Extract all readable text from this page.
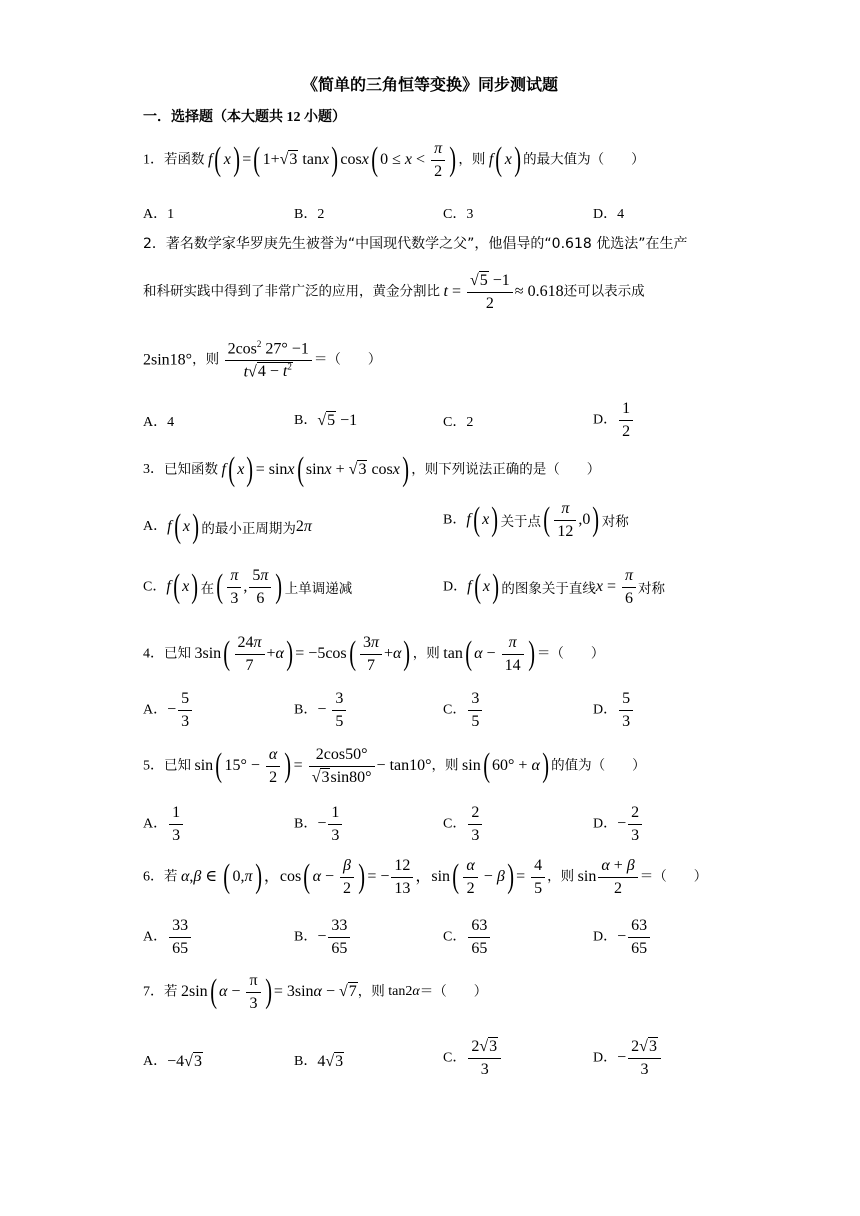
《简单的三角恒等变换》同步测试题
一．选择题（本大题共 12 小题）
1．若函数 f( x) =( 1+√3 tanx) cosx( $0 \le x < \frac{\pi}{2}$ ) ，则 f( x) 的最大值为（　　）
A．1	B．2	C．3	D．4
2．著名数学家华罗庚先生被誉为“中国现代数学之父”，他倡导的“0.618 优选法”在生产
和科研实践中得到了非常广泛的应用，黄金分割比 $t = \frac{√5 -1}{2} \approx 0.618$还可以表示成
2sin18°，则 $\frac{2\cos^2 27^\circ -1}{t√4 - t^2}$ ＝（　　）
A．4	B．√5 −1	C．2	D． $\frac{1}{2}$
3．已知函数 f( x) = sinx( sinx + √3 cosx) ，则下列说法正确的是（　　）
A．f( x) 的最小正周期为2π	B．f( x) 关于点( $\frac{\pi}{12} ,0$) 对称
C．f( x) 在( $\frac{\pi}{3}$ , $\frac{5\pi}{6}$ ) 上单调递减	D．f( x) 的图象关于直线$x = \frac{\pi}{6}$ 对称
4．已知 $3\sin( \frac{24\pi}{7} +\alpha) = -5\cos( \frac{3\pi}{7} +\alpha)$ ，则 tan( $\alpha - \frac{\pi}{14}$ ) ＝（　　）
A．− $\frac{5}{3}$	B．− $\frac{3}{5}$	C． $\frac{3}{5}$	D． $\frac{5}{3}$
5．已知 sin( $15^\circ - \frac{\alpha}{2}$ ) = $\frac{2\cos 50^\circ}{√3\sin 80^\circ} - \tan 10^\circ$，则 sin( 60° + α) 的值为（　　）
A． $\frac{1}{3}$	B．− $\frac{1}{3}$	C． $\frac{2}{3}$	D．− $\frac{2}{3}$
6．若 α,β ∈ ( 0,π) ，cos( $\alpha - \frac{\beta}{2}$ ) = − $\frac{12}{13}$ ，$\sin( \frac{\alpha}{2} - \beta) = \frac{4}{5}$ ，则 $\sin \frac{\alpha + \beta}{2}$ ＝（　　）
A． $\frac{33}{65}$	B．− $\frac{33}{65}$	C． $\frac{63}{65}$	D．− $\frac{63}{65}$
7．若 2sin( $\alpha - \frac{\pi}{3}$ ) = 3sinα − √7，则 tan2α＝（　　）
A．−4√3	B．4√3	C． $\frac{2√3}{3}$	D．− $\frac{2√3}{3}$
